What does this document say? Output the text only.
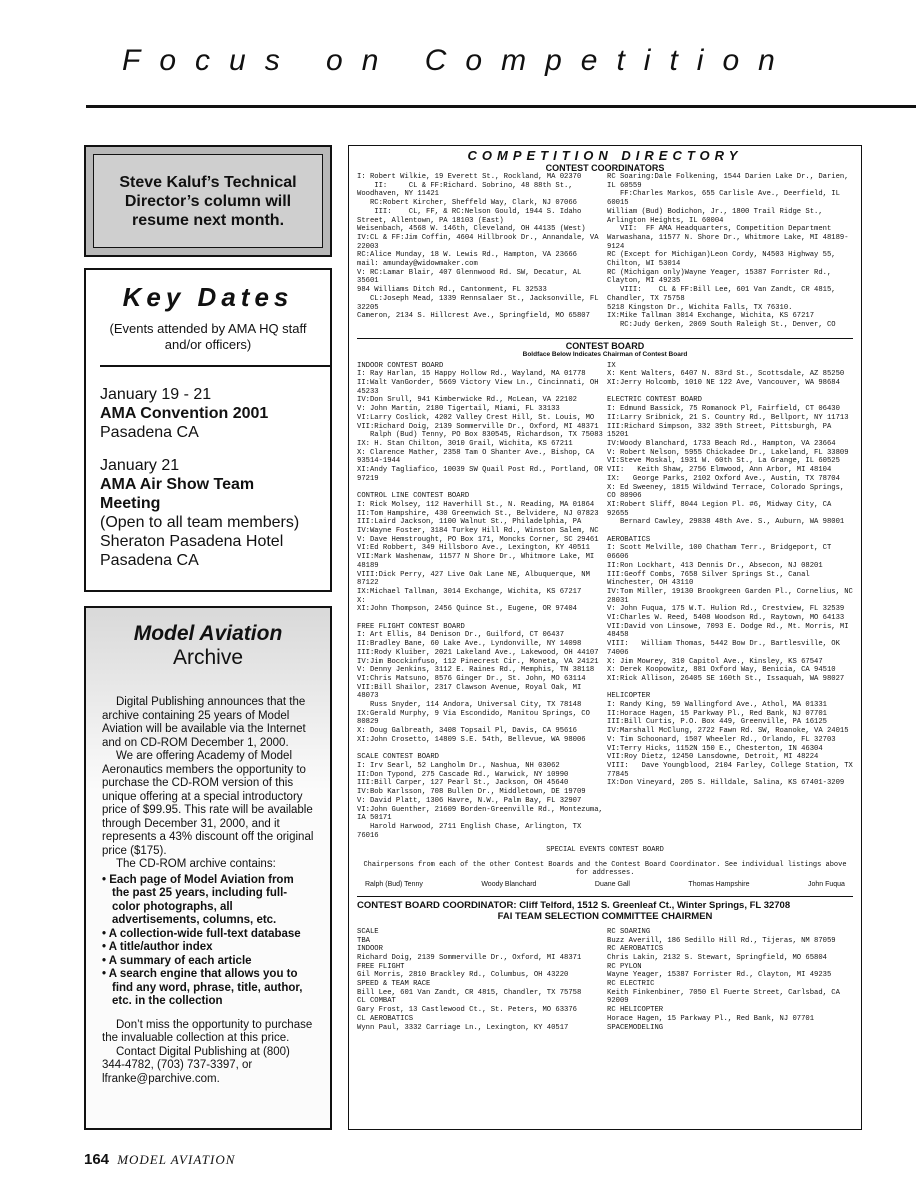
Focus on Competition
Steve Kaluf’s Technical Director’s column will resume next month.
Key Dates
(Events attended by AMA HQ staff and/or officers)
January 19 - 21
AMA Convention 2001
Pasadena CA
January 21
AMA Air Show Team Meeting
(Open to all team members) Sheraton Pasadena Hotel
Pasadena CA
Model Aviation
Archive

Digital Publishing announces that the archive containing 25 years of Model Aviation will be available via the Internet and on CD-ROM December 1, 2000.

We are offering Academy of Model Aeronautics members the opportunity to purchase the CD-ROM version of this unique offering at a special introductory price of $99.95. This rate will be available through December 31, 2000, and it represents a 43% discount off the original price ($175).

The CD-ROM archive contains:

• Each page of Model Aviation from the past 25 years, including full-color photographs, all advertisements, columns, etc.
• A collection-wide full-text database
• A title/author index
• A summary of each article
• A search engine that allows you to find any word, phrase, title, author, etc. in the collection

Don’t miss the opportunity to purchase the invaluable collection at this price.

Contact Digital Publishing at (800) 344-4782, (703) 737-3397, or lfranke@parchive.com.

COMPETITION DIRECTORY
CONTEST COORDINATORS
I: Robert Wilkie, 19 Everett St., Rockland, MA 02370
II:     CL & FF:Richard. Sobrino, 48 88th St., Woodhaven, NY 11421
RC:Robert Kircher, Sheffeld Way, Clark, NJ 07066
III:    CL, FF, & RC:Nelson Gould, 1944 S. Idaho Street, Allentown, PA 18103 (East)
Weisenbach, 4568 W. 146th, Cleveland, OH 44135 (West)
IV:CL & FF:Jim Coffin, 4604 Hillbrook Dr., Annandale, VA 22003
RC:Alice Munday, 18 W. Lewis Rd., Hampton, VA 23666
mail: amunday@widowmaker.com
V: RC:Lamar Blair, 407 Glennwood Rd. SW, Decatur, AL 35601
984 Williams Ditch Rd., Cantonment, FL 32533
CL:Joseph Mead, 1339 Rennsalaer St., Jacksonville, FL 32205
Cameron, 2134 S. Hillcrest Ave., Springfield, MO 65807
RC Soaring:Dale Folkening, 1544 Darien Lake Dr., Darien, IL 60559
FF:Charles Markos, 655 Carlisle Ave., Deerfield, IL 60015
William (Bud) Bodichon, Jr., 1800 Trail Ridge St., Arlington Heights, IL 60004
VII:  FF AMA Headquarters, Competition Department
Warwashana, 11577 N. Shore Dr., Whitmore Lake, MI 48189-9124
RC (Except for Michigan)Leon Cordy, N4503 Highway 55, Chilton, WI 53014
RC (Michigan only)Wayne Yeager, 15387 Forrister Rd., Clayton, MI 49235
VIII:    CL & FF:Bill Lee, 601 Van Zandt, CR 4815, Chandler, TX 75758
5218 Kingston Dr., Wichita Falls, TX 76310.
IX:Mike Tallman 3014 Exchange, Wichita, KS 67217
RC:Judy Gerken, 2069 South Raleigh St., Denver, CO
CONTEST BOARD
Boldface Below Indicates Chairman of Contest Board
INDOOR CONTEST BOARD
I: Ray Harlan, 15 Happy Hollow Rd., Wayland, MA 01778
II:Walt VanGorder, 5669 Victory View Ln., Cincinnati, OH 45233
IV:Don Srull, 941 Kimberwicke Rd., McLean, VA 22102
V: John Martin, 2180 Tigertail, Miami, FL 33133
VI:Larry Coslick, 4202 Valley Crest Hill, St. Louis, MO
VII:Richard Doig, 2139 Sommerville Dr., Oxford, MI 48371
Ralph (Bud) Tenny, PO Box 830545, Richardson, TX 75083
IX: H. Stan Chilton, 3010 Grail, Wichita, KS 67211
X: Clarence Mather, 2358 Tam O Shanter Ave., Bishop, CA 93514-1944
XI:Andy Tagliafico, 10039 SW Quail Post Rd., Portland, OR 97219

CONTROL LINE CONTEST BOARD
I: Rick Molsey, 112 Haverhill St., N. Reading, MA 01864
II:Tom Hampshire, 430 Greenwich St., Belvidere, NJ 07823
III:Laird Jackson, 1100 Walnut St., Philadelphia, PA
IV:Wayne Foster, 3184 Turkey Hill Rd., Winston Salem, NC
V: Dave Hemstrought, PO Box 171, Moncks Corner, SC 29461
VI:Ed Robbert, 349 Hillsboro Ave., Lexington, KY 40511
VII:Mark Washenaw, 11577 N Shore Dr., Whitmore Lake, MI 48189
VIII:Dick Perry, 427 Live Oak Lane NE, Albuquerque, NM 87122
IX:Michael Tallman, 3014 Exchange, Wichita, KS 67217
X:
XI:John Thompson, 2456 Quince St., Eugene, OR 97404

FREE FLIGHT CONTEST BOARD
I: Art Ellis, 84 Denison Dr., Guilford, CT 06437
II:Bradley Bane, 60 Lake Ave., Lyndonville, NY 14098
III:Rody Kluiber, 2021 Lakeland Ave., Lakewood, OH 44107
IV:Jim Bocckinfuso, 112 Pinecrest Cir., Moneta, VA 24121
V: Denny Jenkins, 3112 E. Raines Rd., Memphis, TN 38118
VI:Chris Matsuno, 8576 Ginger Dr., St. John, MO 63114
VII:Bill Shailor, 2317 Clawson Avenue, Royal Oak, MI 48073
Russ Snyder, 114 Andora, Universal City, TX 78148
IX:Gerald Murphy, 9 Via Escondido, Manitou Springs, CO 80829
X: Doug Galbreath, 3408 Topsail Pl, Davis, CA 95616
XI:John Crosetto, 14809 S.E. 54th, Bellevue, WA 98006

SCALE CONTEST BOARD
I: Irv Searl, 52 Langholm Dr., Nashua, NH 03062
II:Don Typond, 275 Cascade Rd., Warwick, NY 10990
III:Bill Carper, 127 Pearl St., Jackson, OH 45640
IV:Bob Karlsson, 708 Bullen Dr., Middletown, DE 19709
V: David Platt, 1306 Havre, N.W., Palm Bay, FL 32907
VI:John Guenther, 21609 Borden-Greenville Rd., Montezuma, IA 50171
Harold Harwood, 2711 English Chase, Arlington, TX 76016
IX
X: Kent Walters, 6407 N. 83rd St., Scottsdale, AZ 85250
XI:Jerry Holcomb, 1010 NE 122 Ave, Vancouver, WA 98684

ELECTRIC CONTEST BOARD
I: Edmund Bassick, 75 Romanock Pl, Fairfield, CT 06430
II:Larry Sribnick, 21 S. Country Rd., Bellport, NY 11713
III:Richard Simpson, 332 39th Street, Pittsburgh, PA 15201
IV:Woody Blanchard, 1733 Beach Rd., Hampton, VA 23664
V: Robert Nelson, 5955 Chickadee Dr., Lakeland, FL 33809
VI:Steve Moskal, 1931 W. 60th St., La Grange, IL 60525
VII:   Keith Shaw, 2756 Elmwood, Ann Arbor, MI 48104
IX:   George Parks, 2102 Oxford Ave., Austin, TX 78704
X: Ed Sweeney, 1815 Wildwind Terrace, Colorado Springs, CO 80906
XI:Robert Sliff, 8044 Legion Pl. #6, Midway City, CA 92655
Bernard Cawley, 29838 48th Ave. S., Auburn, WA 98001

AEROBATICS
I: Scott Melville, 100 Chatham Terr., Bridgeport, CT 06606
II:Ron Lockhart, 413 Dennis Dr., Absecon, NJ 08201
III:Geoff Combs, 7658 Silver Springs St., Canal Winchester, OH 43110
IV:Tom Miller, 19130 Brookgreen Garden Pl., Cornelius, NC 28031
V: John Fuqua, 175 W.T. Hulion Rd., Crestview, FL 32539
VI:Charles W. Reed, 5408 Woodson Rd., Raytown, MO 64133
VII:David von Linsowe, 7093 E. Dodge Rd., Mt. Morris, MI 48458
VIII:   William Thomas, 5442 Bow Dr., Bartlesville, OK 74006
X: Jim Mowrey, 310 Capitol Ave., Kinsley, KS 67547
X: Derek Koopowitz, 881 Oxford Way, Benicia, CA 94510
XI:Rick Allison, 26405 SE 160th St., Issaquah, WA 98027

HELICOPTER
I: Randy King, 59 Wallingford Ave., Athol, MA 01331
II:Horace Hagen, 15 Parkway Pl., Red Bank, NJ 07701
III:Bill Curtis, P.O. Box 449, Greenville, PA 16125
IV:Marshall McClung, 2722 Fawn Rd. SW, Roanoke, VA 24015
V: Tim Schoonard, 1507 Wheeler Rd., Orlando, FL 32703
VI:Terry Hicks, 1152N 150 E., Chesterton, IN 46304
VII:Roy Dietz, 12450 Lansdowne, Detroit, MI 48224
VIII:   Dave Youngblood, 2104 Farley, College Station, TX 77845
IX:Don Vineyard, 205 S. Hilldale, Salina, KS 67401-3209
SPECIAL EVENTS CONTEST BOARD
Chairpersons from each of the other Contest Boards and the Contest Board Coordinator. See individual listings above for addresses.
Ralph (Bud) Tenny	Woody Blanchard	Duane Gall	Thomas Hampshire	John Fuqua
CONTEST BOARD COORDINATOR: Cliff Telford, 1512 S. Greenleaf Ct., Winter Springs, FL 32708
FAI TEAM SELECTION COMMITTEE CHAIRMEN
SCALE
TBA
INDOOR
Richard Doig, 2139 Sommerville Dr., Oxford, MI 48371
FREE FLIGHT
Gil Morris, 2810 Brackley Rd., Columbus, OH 43220
SPEED & TEAM RACE
Bill Lee, 601 Van Zandt, CR 4815, Chandler, TX 75758
CL COMBAT
Gary Frost, 13 Castlewood Ct., St. Peters, MO 63376
CL AEROBATICS
Wynn Paul, 3332 Carriage Ln., Lexington, KY 40517
RC SOARING
Buzz Averill, 186 Sedillo Hill Rd., Tijeras, NM 87059
RC AEROBATICS
Chris Lakin, 2132 S. Stewart, Springfield, MO 65804
RC PYLON
Wayne Yeager, 15387 Forrister Rd., Clayton, MI 49235
RC ELECTRIC
Keith Finkenbiner, 7050 El Fuerte Street, Carlsbad, CA 92009
RC HELICOPTER
Horace Hagen, 15 Parkway Pl., Red Bank, NJ 07701
SPACEMODELING
164 MODEL AVIATION
